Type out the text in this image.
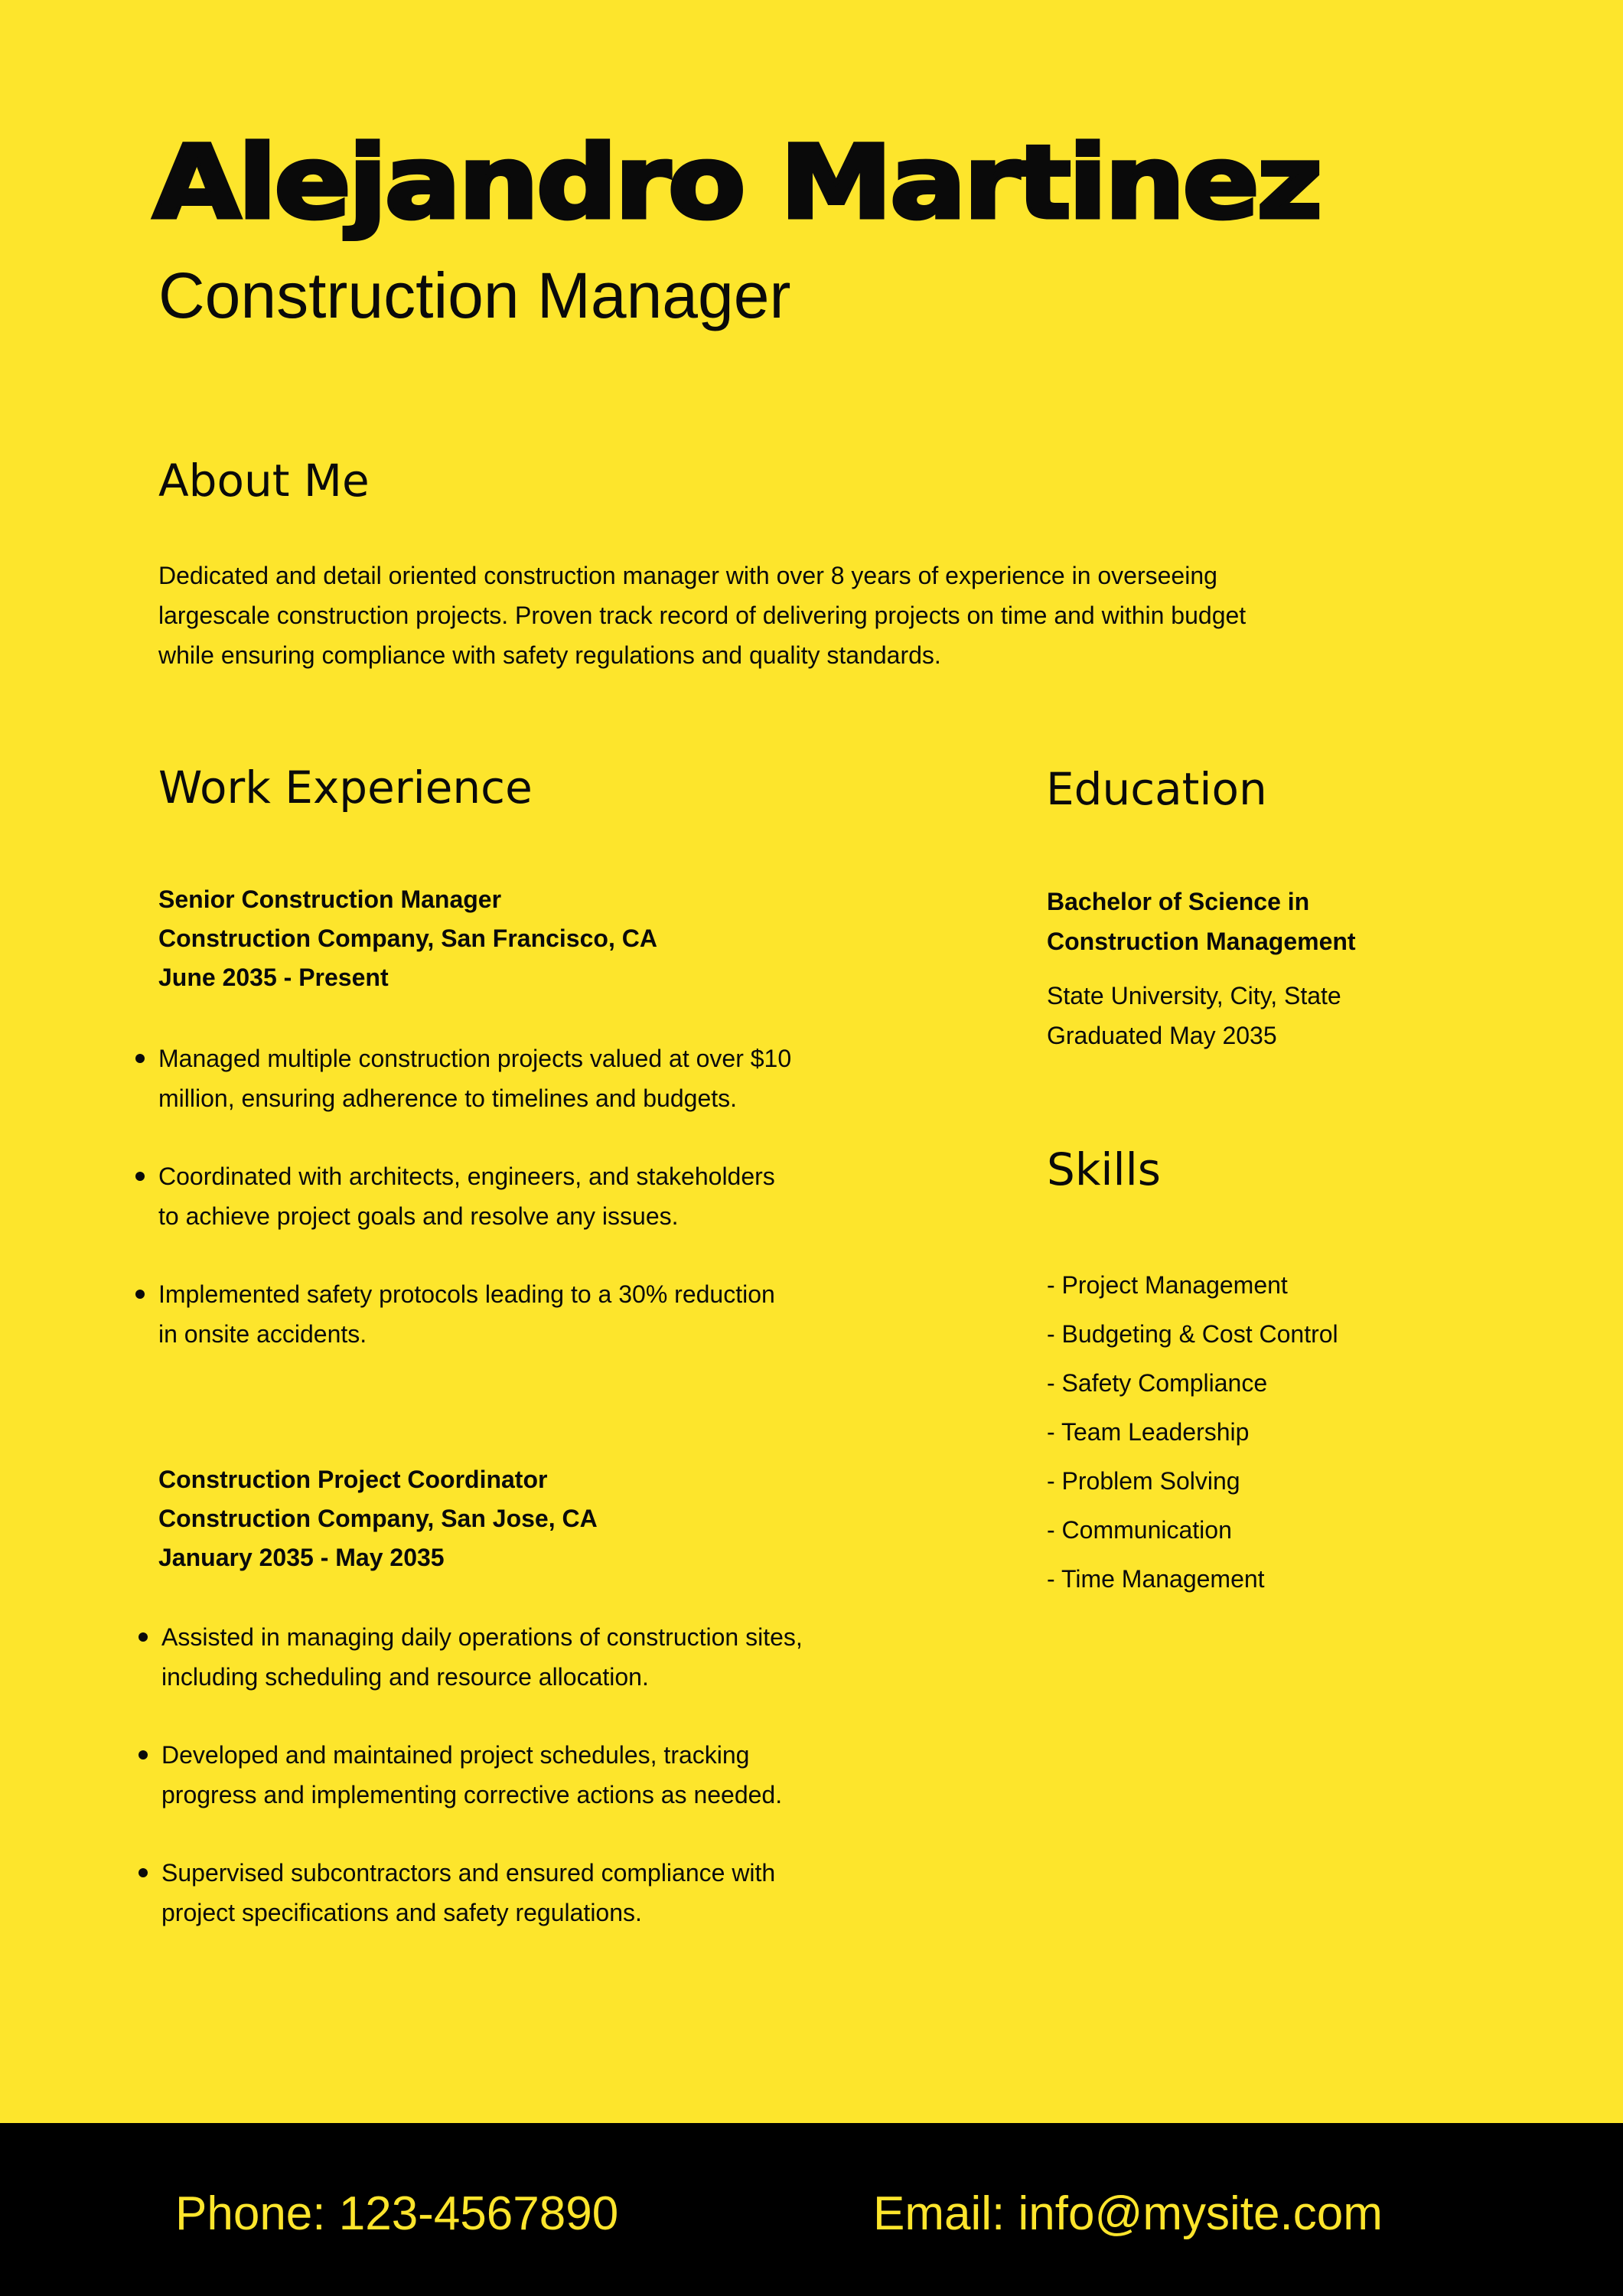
Alejandro Martinez
Construction Manager
About Me

Dedicated and detail oriented construction manager with over 8 years of experience in overseeing

largescale construction projects. Proven track record of delivering projects on time and within budget

while ensuring compliance with safety regulations and quality standards.

Work Experience

Senior Construction Manager

Construction Company, San Francisco, CA

June 2035 - Present

Managed multiple construction projects valued at over $10
million, ensuring adherence to timelines and budgets.
Coordinated with architects, engineers, and stakeholders
to achieve project goals and resolve any issues.
Implemented safety protocols leading to a 30% reduction
in onsite accidents.

Construction Project Coordinator

Construction Company, San Jose, CA

January 2035 - May 2035

Assisted in managing daily operations of construction sites,
including scheduling and resource allocation.
Developed and maintained project schedules, tracking
progress and implementing corrective actions as needed.
Supervised subcontractors and ensured compliance with
project specifications and safety regulations.
Education
Bachelor of Science in
Construction Management
State University, City, State
Graduated May 2035
Skills
- Project Management
- Budgeting & Cost Control
- Safety Compliance
- Team Leadership
- Problem Solving
- Communication
- Time Management

Phone: 123-4567890	Email: info@mysite.com
